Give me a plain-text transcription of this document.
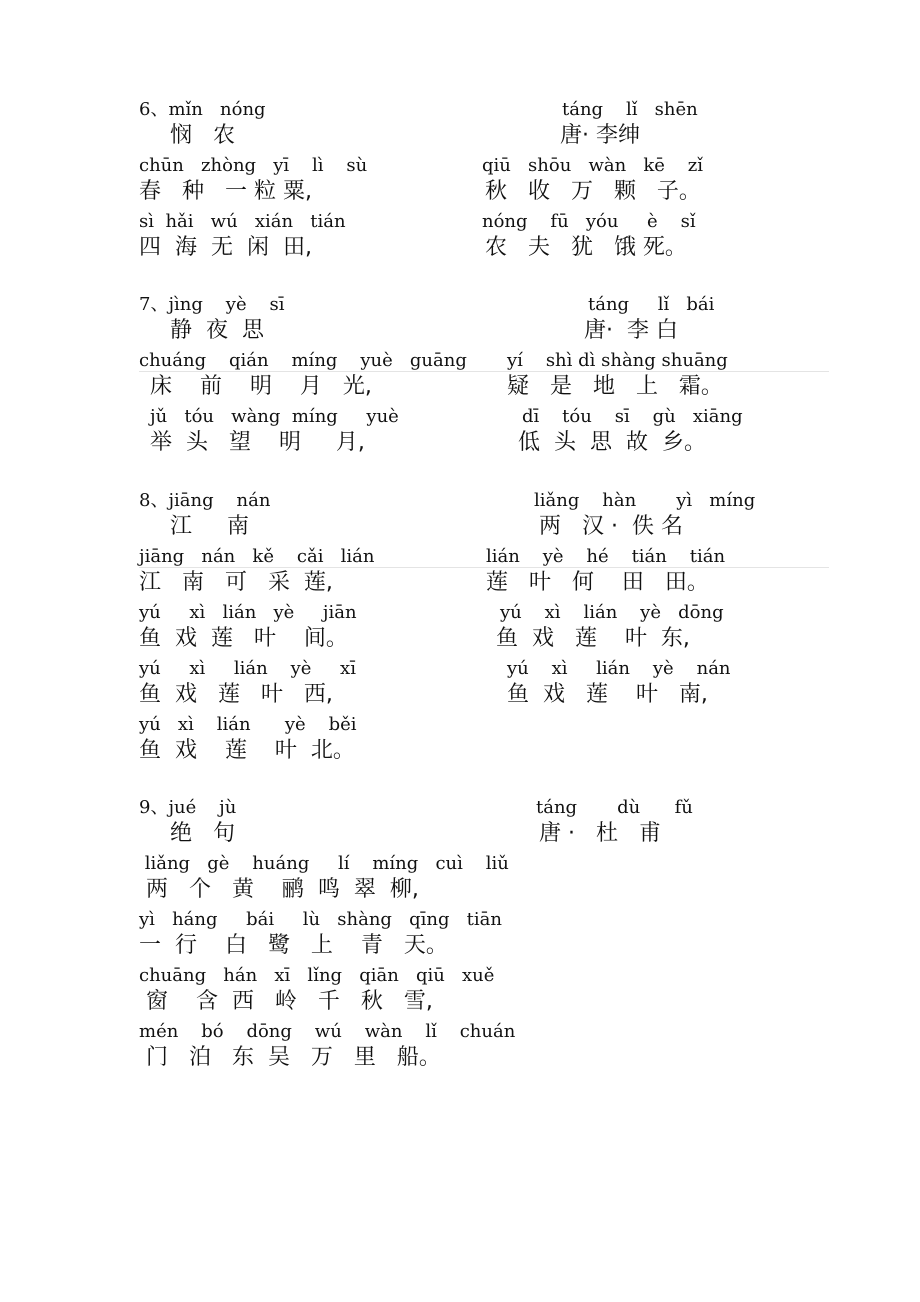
6、mǐn   nóng
悯   农
táng    lǐ   shēn
唐· 李绅
chūn   zhòng   yī    lì    sù
春   种   一 粒 粟,
qiū   shōu   wàn   kē    zǐ
秋   收   万   颗   子。
sì  hǎi   wú   xián   tián
四  海  无  闲  田,
nóng    fū   yóu     è    sǐ
农   夫   犹   饿 死。
7、jìng    yè    sī
静  夜  思
táng     lǐ   bái
唐·  李 白
chuáng    qián    míng    yuè   guāng
床    前    明    月   光,
yí    shì dì shàng shuāng
疑   是   地   上   霜。
jǔ   tóu   wàng  míng     yuè
举  头   望    明     月,
dī    tóu    sī    gù   xiāng
低  头  思  故  乡。
8、jiāng    nán
江     南
liǎng    hàn       yì   míng
两   汉 ·  佚 名
jiāng   nán   kě    cǎi   lián
江   南   可   采  莲,
lián    yè    hé    tián    tián
莲   叶   何    田   田。
yú     xì   lián   yè     jiān
鱼  戏  莲   叶    间。
yú    xì    lián    yè   dōng
鱼  戏   莲    叶  东,
yú     xì     lián    yè     xī
鱼  戏   莲   叶   西,
yú    xì     lián    yè    nán
鱼  戏   莲    叶   南,
yú   xì    lián      yè    běi
鱼  戏    莲    叶  北。
9、jué    jù
绝   句
táng       dù      fǔ
唐 ·   杜   甫
liǎng   gè    huáng     lí    míng   cuì    liǔ
两   个   黄    鹂  鸣  翠  柳,
yì   háng     bái     lù   shàng   qīng   tiān
一  行    白   鹭   上    青   天。
chuāng   hán   xī   lǐng   qiān   qiū   xuě
窗    含  西   岭   千   秋   雪,
mén    bó    dōng    wú    wàn    lǐ    chuán
门   泊   东  吴   万   里   船。
